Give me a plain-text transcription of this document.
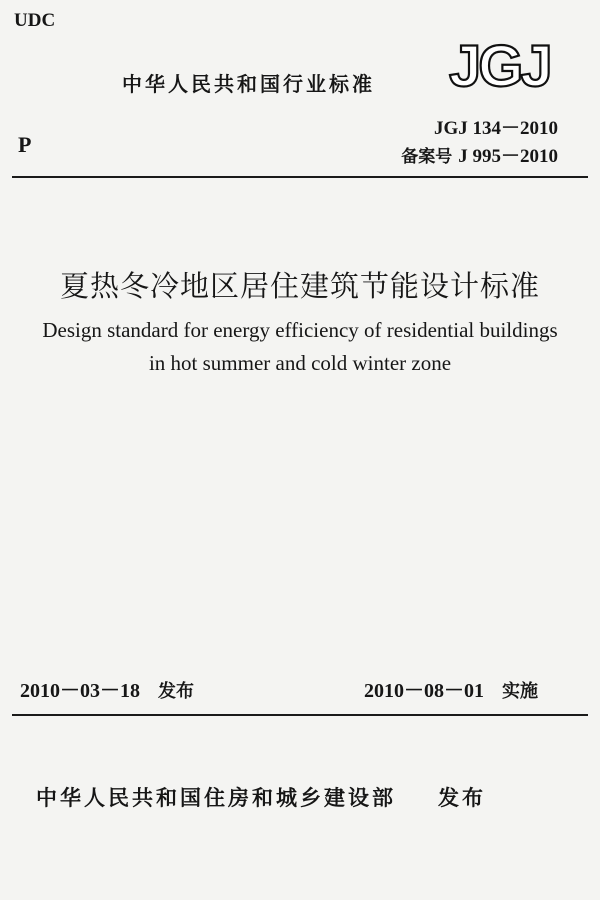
UDC
中华人民共和国行业标准 JGJ
P
JGJ 134－2010
备案号 J 995－2010
夏热冬冷地区居住建筑节能设计标准
Design standard for energy efficiency of residential buildings
in hot summer and cold winter zone
2010－03－18 发布	2010－08－01 实施
中华人民共和国住房和城乡建设部 发布
